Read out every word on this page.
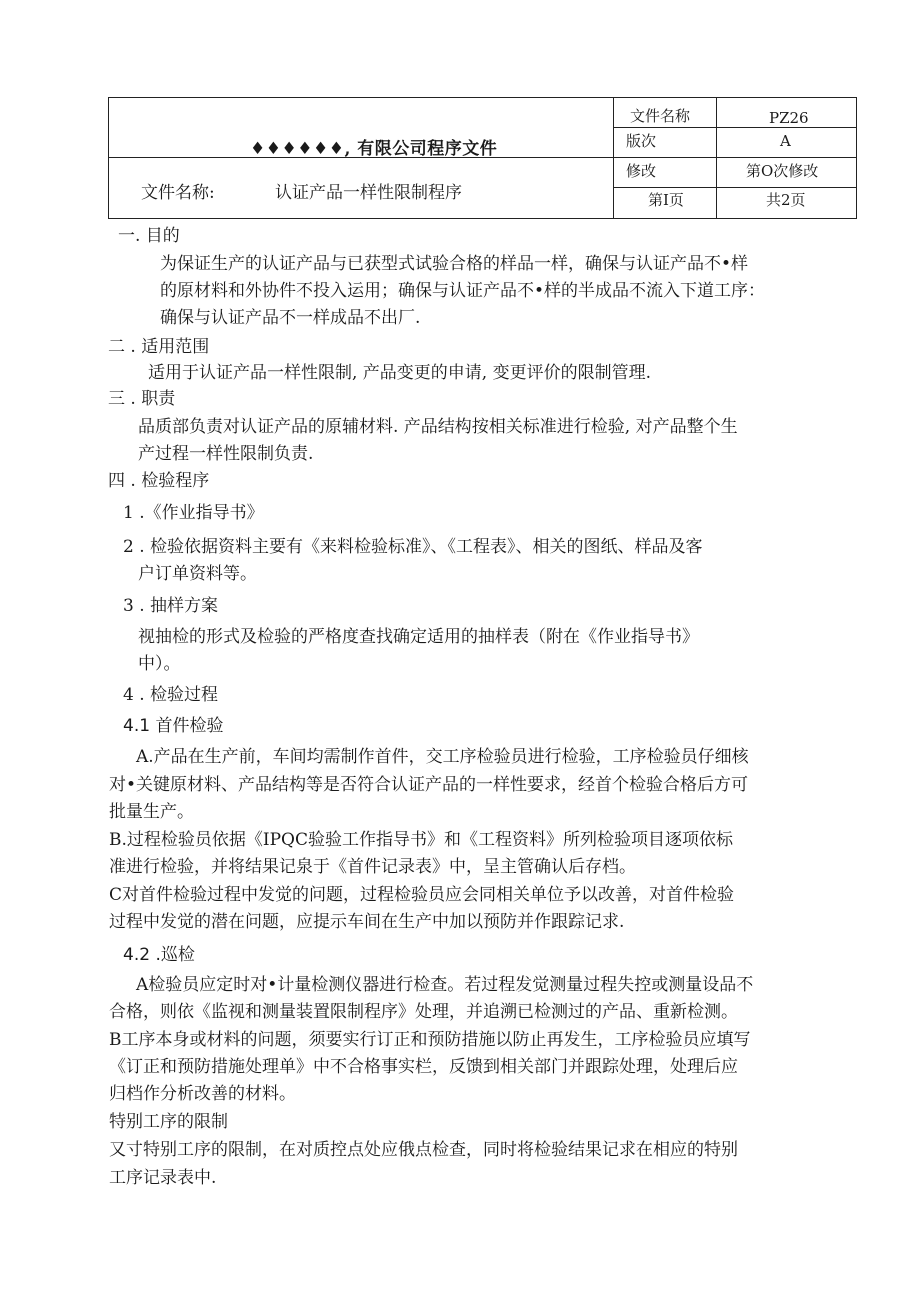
♦♦♦♦♦♦, 有限公司程序文件
文件名称:	认证产品一样性限制程序
文件名称	PZ26
版次	A
修改	第O次修改
第I页	共2页
一. 目的
为保证生产的认证产品与已获型式试验合格的样品一样，确保与认证产品不•样
的原材料和外协件不投入运用；确保与认证产品不•样的半成品不流入下道工序：
确保与认证产品不一样成品不出厂.
二 . 适用范围
适用于认证产品一样性限制, 产品变更的申请, 变更评价的限制管理.
三 . 职责
品质部负责对认证产品的原辅材料. 产品结构按相关标准进行检验, 对产品整个生
产过程一样性限制负责.
四 . 检验程序
1 .《作业指导书》
2 . 检验依据资料主要有《来料检验标准》、《工程表》、相关的图纸、样品及客
户订单资料等。
3 . 抽样方案
视抽检的形式及检验的严格度查找确定适用的抽样表（附在《作业指导书》
中）。
4 . 检验过程
4.1 首件检验
A.产品在生产前，车间均需制作首件，交工序检验员进行检验，工序检验员仔细核
对•关键原材料、产品结构等是否符合认证产品的一样性要求，经首个检验合格后方可
批量生产。
B.过程检验员依据《IPQC验验工作指导书》和《工程资料》所列检验项目逐项依标
准进行检验，并将结果记泉于《首件记录表》中，呈主管确认后存档。
C对首件检验过程中发觉的问题，过程检验员应会同相关单位予以改善，对首件检验
过程中发觉的潜在问题，应提示车间在生产中加以预防并作跟踪记求.
4.2 .巡检
A检验员应定时对•计量检测仪器进行检查。若过程发觉测量过程失控或测量设品不
合格，则依《监视和测量装置限制程序》处理，并追溯已检测过的产品、重新检测。
B工序本身或材料的问题，须要实行订正和预防措施以防止再发生，工序检验员应填写
《订正和预防措施处理单》中不合格事实栏，反馈到相关部门并跟踪处理，处理后应
归档作分析改善的材料。
特别工序的限制
又寸特别工序的限制，在对质控点处应俄点检查，同时将检验结果记求在相应的特别
工序记录表中.
